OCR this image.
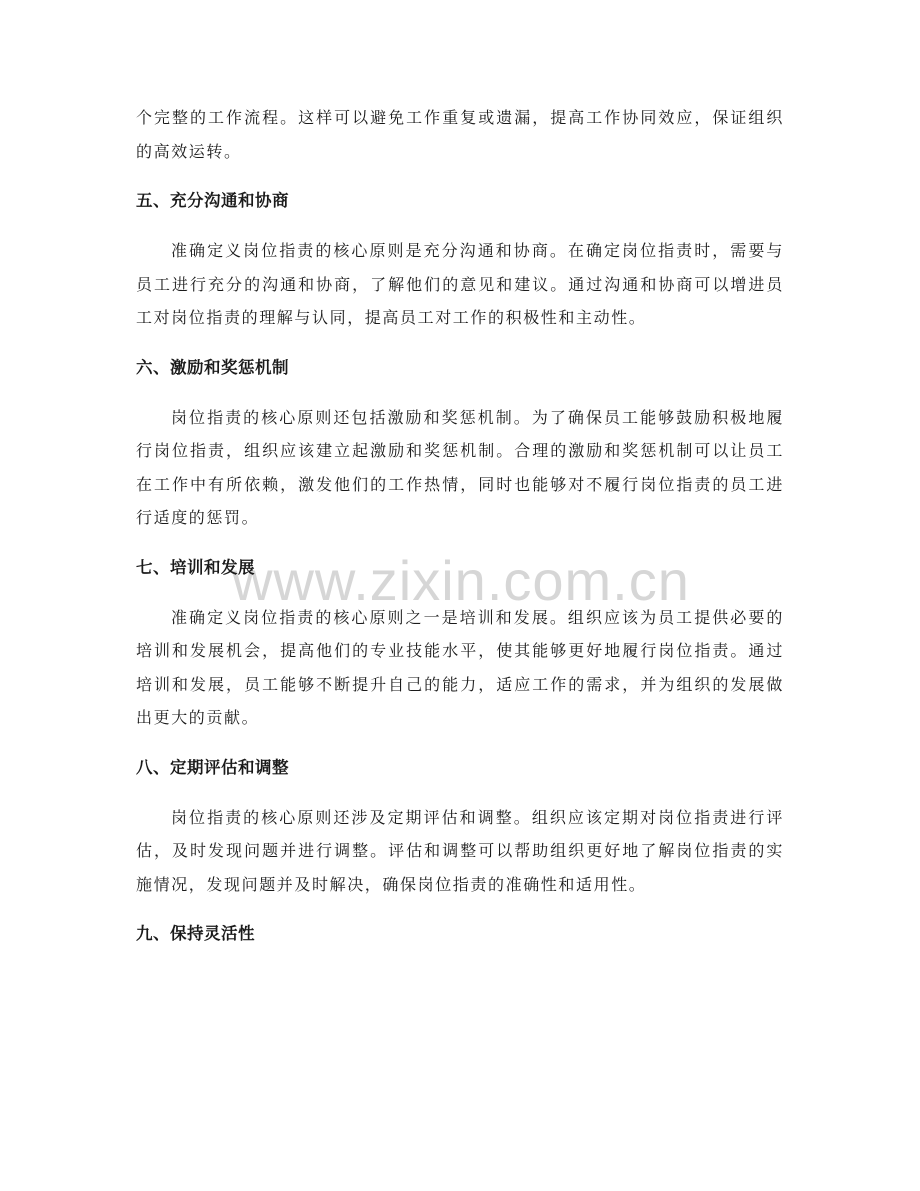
www.zixin.com.cn

个完整的工作流程。这样可以避免工作重复或遗漏，提高工作协同效应，保证组织的高效运转。

五、充分沟通和协商

准确定义岗位指责的核心原则是充分沟通和协商。在确定岗位指责时，需要与员工进行充分的沟通和协商，了解他们的意见和建议。通过沟通和协商可以增进员工对岗位指责的理解与认同，提高员工对工作的积极性和主动性。

六、激励和奖惩机制

岗位指责的核心原则还包括激励和奖惩机制。为了确保员工能够鼓励积极地履行岗位指责，组织应该建立起激励和奖惩机制。合理的激励和奖惩机制可以让员工在工作中有所依赖，激发他们的工作热情，同时也能够对不履行岗位指责的员工进行适度的惩罚。

七、培训和发展

准确定义岗位指责的核心原则之一是培训和发展。组织应该为员工提供必要的培训和发展机会，提高他们的专业技能水平，使其能够更好地履行岗位指责。通过培训和发展，员工能够不断提升自己的能力，适应工作的需求，并为组织的发展做出更大的贡献。

八、定期评估和调整

岗位指责的核心原则还涉及定期评估和调整。组织应该定期对岗位指责进行评估，及时发现问题并进行调整。评估和调整可以帮助组织更好地了解岗位指责的实施情况，发现问题并及时解决，确保岗位指责的准确性和适用性。

九、保持灵活性
